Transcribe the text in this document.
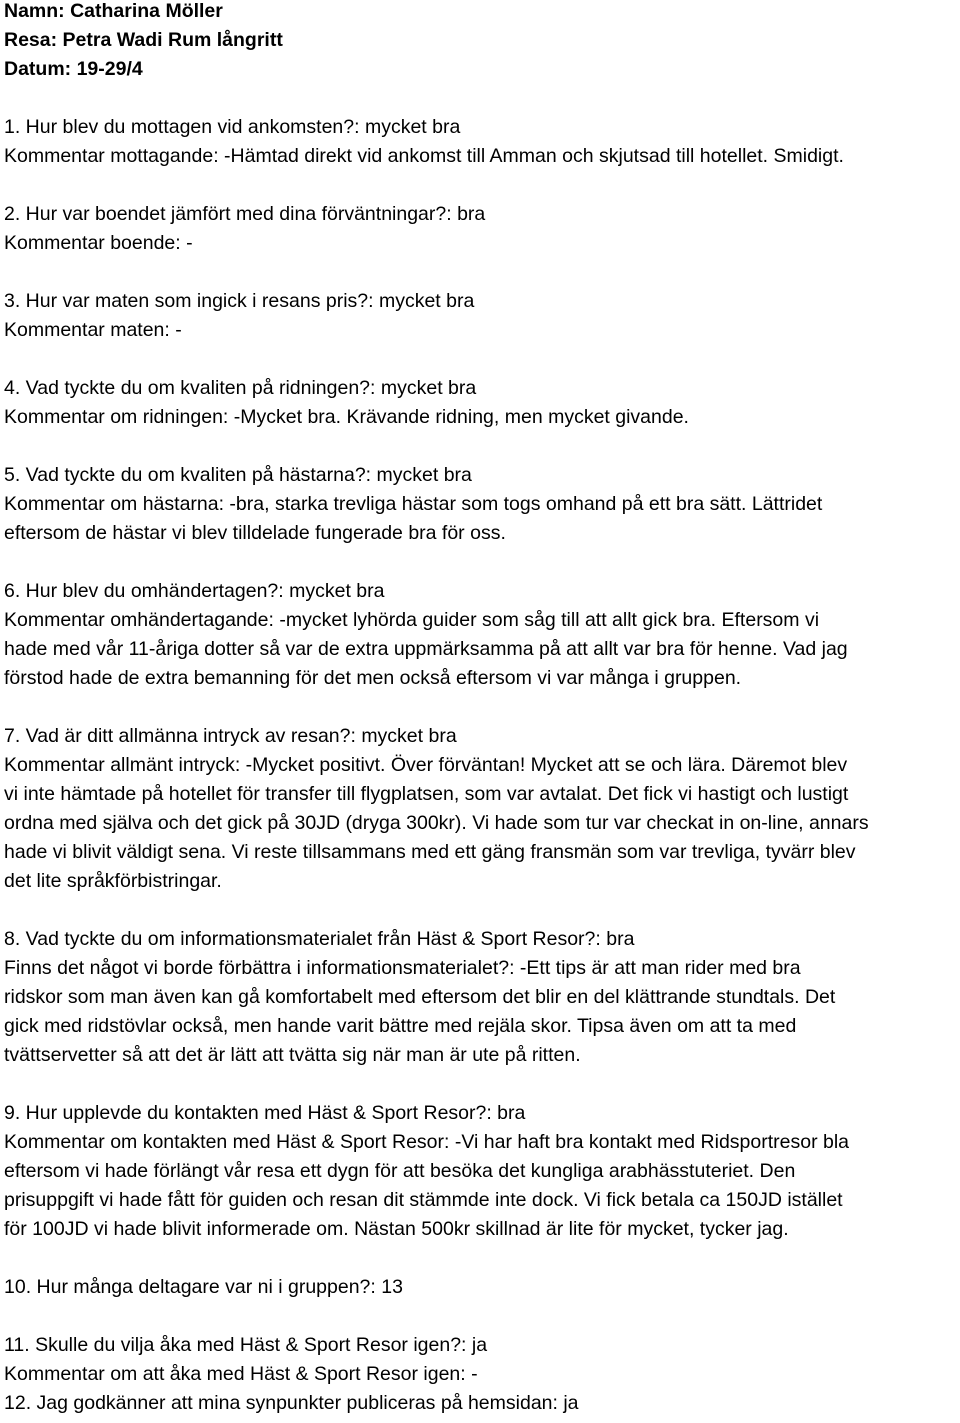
Namn: Catharina Möller
Resa: Petra Wadi Rum långritt
Datum: 19-29/4
1. Hur blev du mottagen vid ankomsten?: mycket bra
Kommentar mottagande: -Hämtad direkt vid ankomst till Amman och skjutsad till hotellet. Smidigt.
2. Hur var boendet jämfört med dina förväntningar?: bra
Kommentar boende: -
3. Hur var maten som ingick i resans pris?: mycket bra
Kommentar maten: -
4. Vad tyckte du om kvaliten på ridningen?: mycket bra
Kommentar om ridningen: -Mycket bra. Krävande ridning, men mycket givande.
5. Vad tyckte du om kvaliten på hästarna?: mycket bra
Kommentar om hästarna: -bra, starka trevliga hästar som togs omhand på ett bra sätt. Lättridet
eftersom de hästar vi blev tilldelade fungerade bra för oss.
6. Hur blev du omhändertagen?: mycket bra
Kommentar omhändertagande: -mycket lyhörda guider som såg till att allt gick bra. Eftersom vi
hade med vår 11-åriga dotter så var de extra uppmärksamma på att allt var bra för henne. Vad jag
förstod hade de extra bemanning för det men också eftersom vi var många i gruppen.
7. Vad är ditt allmänna intryck av resan?: mycket bra
Kommentar allmänt intryck: -Mycket positivt. Över förväntan! Mycket att se och lära. Däremot blev
vi inte hämtade på hotellet för transfer till flygplatsen, som var avtalat. Det fick vi hastigt och lustigt
ordna med själva och det gick på 30JD (dryga 300kr). Vi hade som tur var checkat in on-line, annars
hade vi blivit väldigt sena. Vi reste tillsammans med ett gäng fransmän som var trevliga, tyvärr blev
det lite språkförbistringar.
8. Vad tyckte du om informationsmaterialet från Häst & Sport Resor?: bra
Finns det något vi borde förbättra i informationsmaterialet?: -Ett tips är att man rider med bra
ridskor som man även kan gå komfortabelt med eftersom det blir en del klättrande stundtals. Det
gick med ridstövlar också, men hande varit bättre med rejäla skor. Tipsa även om att ta med
tvättservetter så att det är lätt att tvätta sig när man är ute på ritten.
9. Hur upplevde du kontakten med Häst & Sport Resor?: bra
Kommentar om kontakten med Häst & Sport Resor: -Vi har haft bra kontakt med Ridsportresor bla
eftersom vi hade förlängt vår resa ett dygn för att besöka det kungliga arabhässtuteriet. Den
prisuppgift vi hade fått för guiden och resan dit stämmde inte dock. Vi fick betala ca 150JD istället
för 100JD vi hade blivit informerade om. Nästan 500kr skillnad är lite för mycket, tycker jag.
10. Hur många deltagare var ni i gruppen?: 13
11. Skulle du vilja åka med Häst & Sport Resor igen?: ja
Kommentar om att åka med Häst & Sport Resor igen: -
12. Jag godkänner att mina synpunkter publiceras på hemsidan: ja
